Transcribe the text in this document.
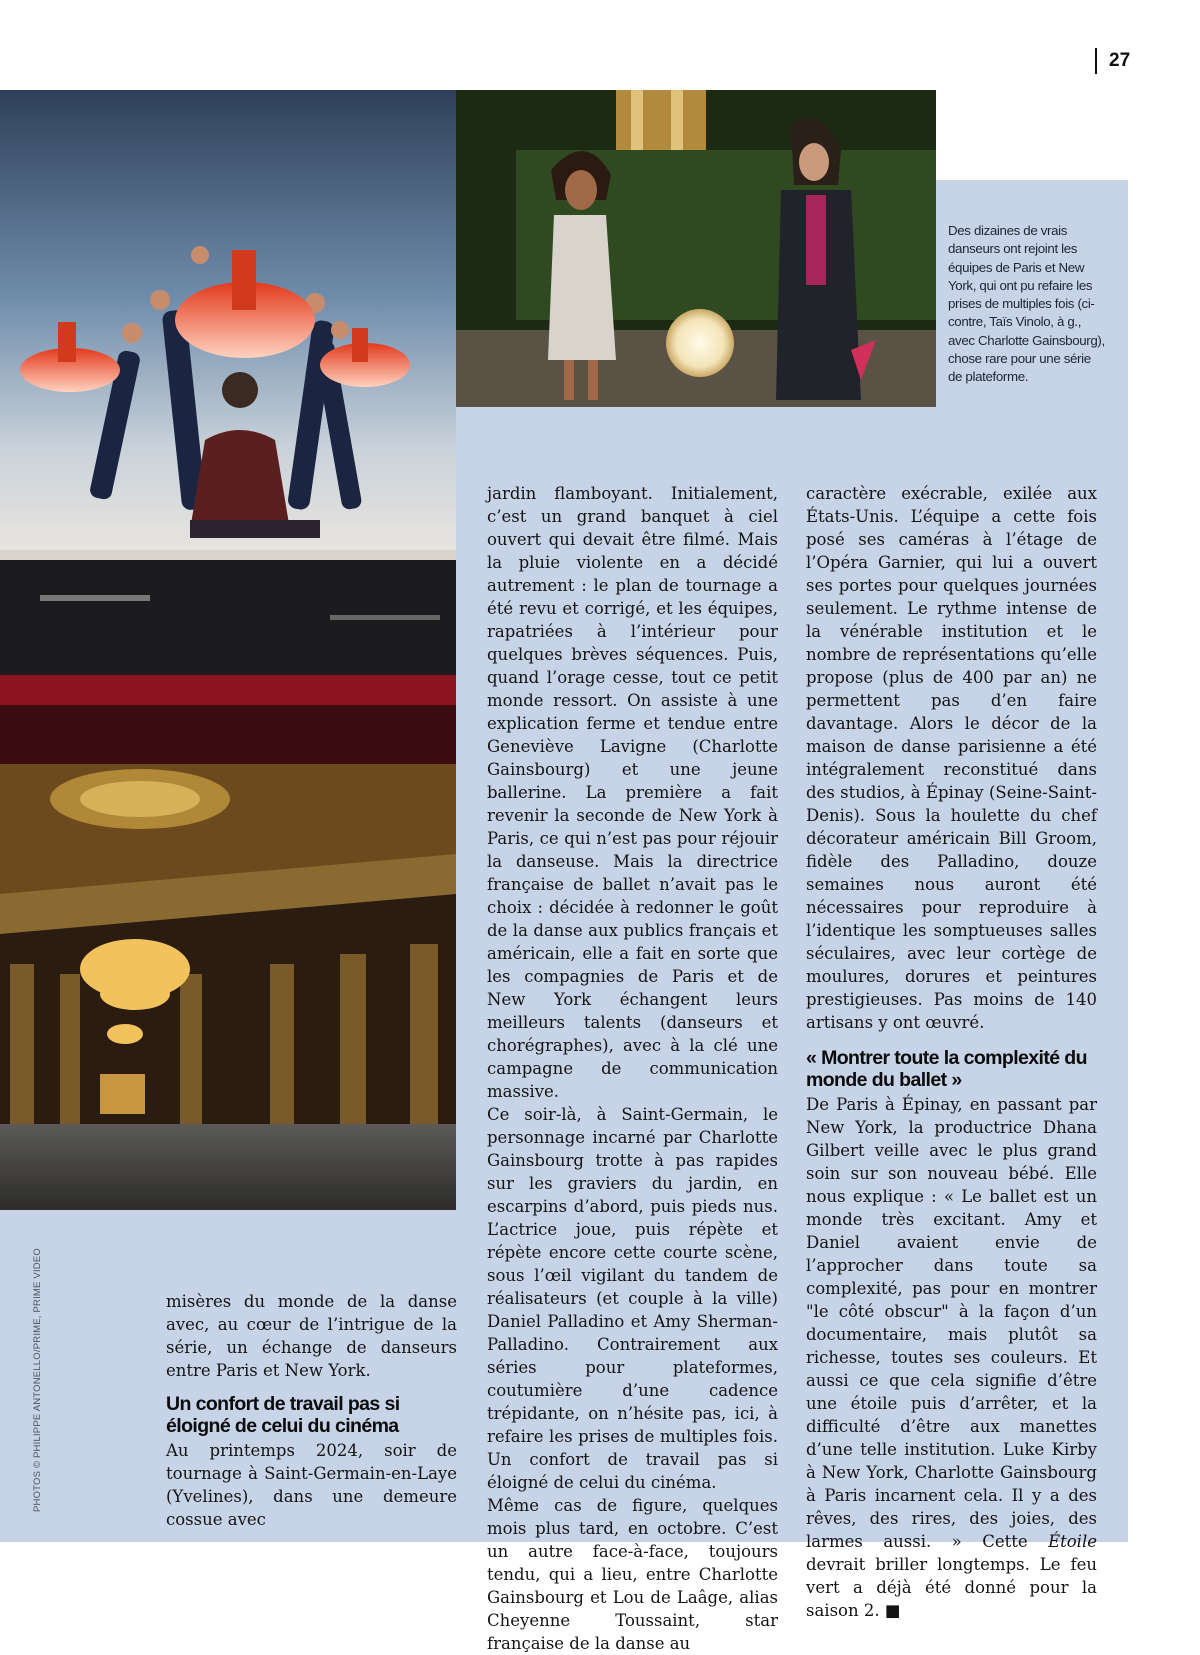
27
Des dizaines de vrais danseurs ont rejoint les équipes de Paris et New York, qui ont pu refaire les prises de multiples fois (ci-contre, Taïs Vinolo, à g., avec Charlotte Gainsbourg), chose rare pour une série de plateforme.
PHOTOS © PHILIPPE ANTONELLO/PRIME, PRIME VIDEO	misères du monde de la danse avec, au cœur de l’intrigue de la série, un échange de danseurs entre Paris et New York.

Un confort de travail pas si éloigné de celui du cinéma

Au printemps 2024, soir de tournage à Saint-Germain-en-Laye (Yvelines), dans une demeure cossue avec

jardin flamboyant. Initialement, c’est un grand banquet à ciel ouvert qui devait être filmé. Mais la pluie violente en a décidé autrement : le plan de tournage a été revu et corrigé, et les équipes, rapatriées à l’intérieur pour quelques brèves séquences. Puis, quand l’orage cesse, tout ce petit monde ressort. On assiste à une explication ferme et tendue entre Geneviève Lavigne (Charlotte Gainsbourg) et une jeune ballerine. La première a fait revenir la seconde de New York à Paris, ce qui n’est pas pour réjouir la danseuse. Mais la directrice française de ballet n’avait pas le choix : décidée à redonner le goût de la danse aux publics français et américain, elle a fait en sorte que les compagnies de Paris et de New York échangent leurs meilleurs talents (danseurs et chorégraphes), avec à la clé une campagne de communication massive.

Ce soir-là, à Saint-Germain, le personnage incarné par Charlotte Gainsbourg trotte à pas rapides sur les graviers du jardin, en escarpins d’abord, puis pieds nus. L’actrice joue, puis répète et répète encore cette courte scène, sous l’œil vigilant du tandem de réalisateurs (et couple à la ville) Daniel Palladino et Amy Sherman-Palladino. Contrairement aux séries pour plateformes, coutumière d’une cadence trépidante, on n’hésite pas, ici, à refaire les prises de multiples fois. Un confort de travail pas si éloigné de celui du cinéma.

Même cas de figure, quelques mois plus tard, en octobre. C’est un autre face-à-face, toujours tendu, qui a lieu, entre Charlotte Gainsbourg et Lou de Laâge, alias Cheyenne Toussaint, star française de la danse au

caractère exécrable, exilée aux États-Unis. L’équipe a cette fois posé ses caméras à l’étage de l’Opéra Garnier, qui lui a ouvert ses portes pour quelques journées seulement. Le rythme intense de la vénérable institution et le nombre de représentations qu’elle propose (plus de 400 par an) ne permettent pas d’en faire davantage. Alors le décor de la maison de danse parisienne a été intégralement reconstitué dans des studios, à Épinay (Seine-Saint-Denis). Sous la houlette du chef décorateur américain Bill Groom, fidèle des Palladino, douze semaines nous auront été nécessaires pour reproduire à l’identique les somptueuses salles séculaires, avec leur cortège de moulures, dorures et peintures prestigieuses. Pas moins de 140 artisans y ont œuvré.

« Montrer toute la complexité du monde du ballet »

De Paris à Épinay, en passant par New York, la productrice Dhana Gilbert veille avec le plus grand soin sur son nouveau bébé. Elle nous explique : « Le ballet est un monde très excitant. Amy et Daniel avaient envie de l’approcher dans toute sa complexité, pas pour en montrer "le côté obscur" à la façon d’un documentaire, mais plutôt sa richesse, toutes ses couleurs. Et aussi ce que cela signifie d’être une étoile puis d’arrêter, et la difficulté d’être aux manettes d’une telle institution. Luke Kirby à New York, Charlotte Gainsbourg à Paris incarnent cela. Il y a des rêves, des rires, des joies, des larmes aussi. » Cette Étoile devrait briller longtemps. Le feu vert a déjà été donné pour la saison 2. ■
